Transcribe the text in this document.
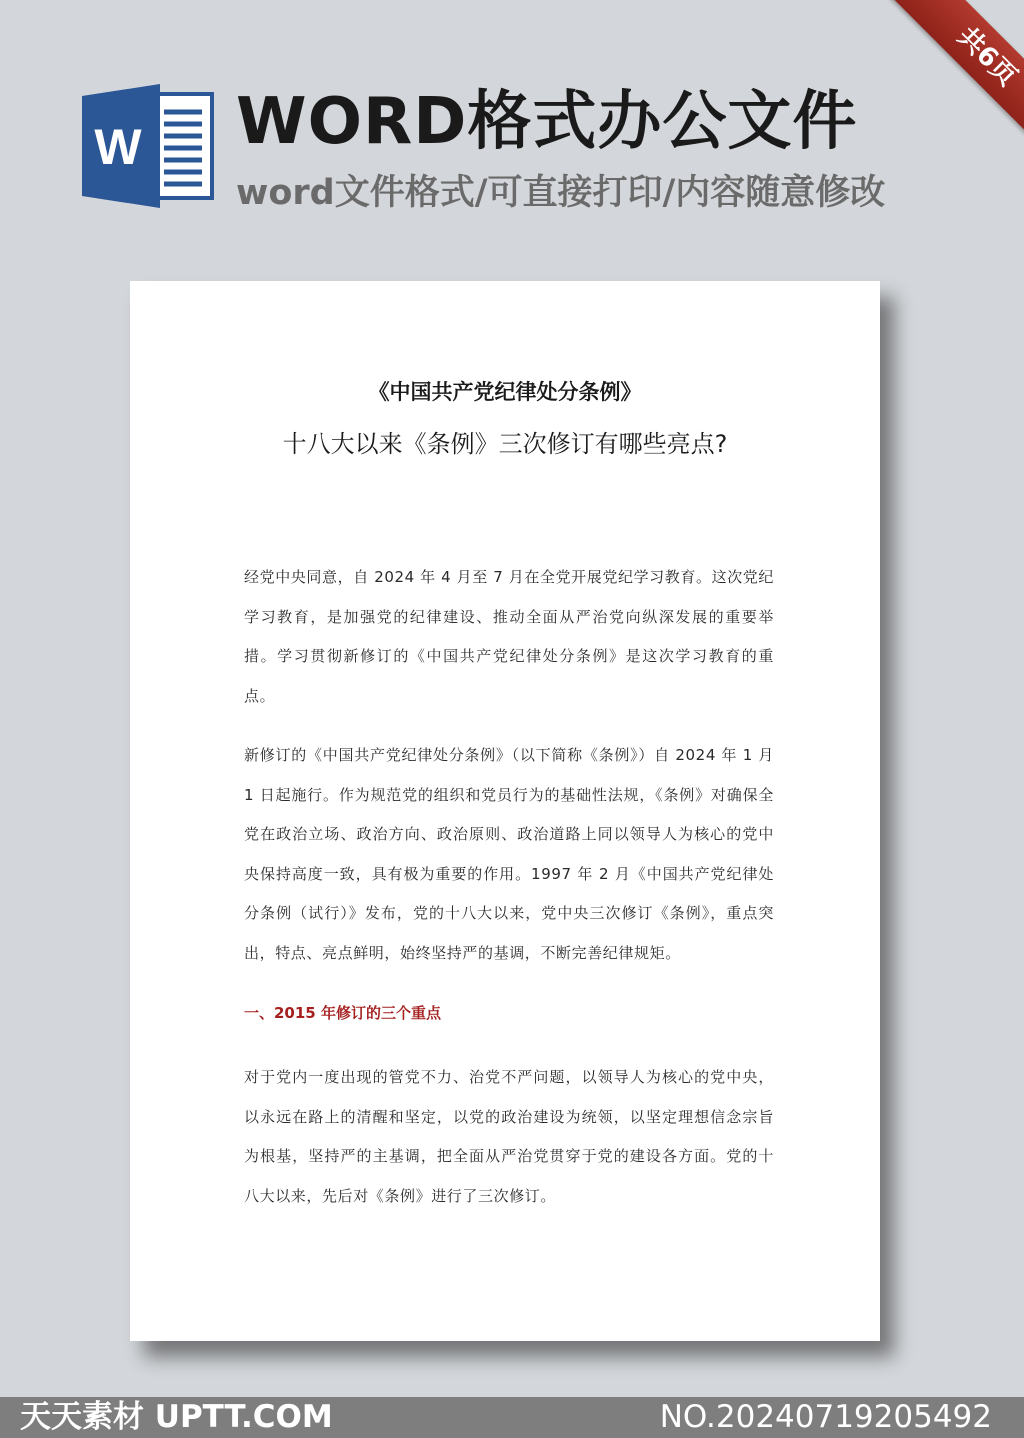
W WORD格式办公文件
word文件格式/可直接打印/内容随意修改
共6页
《中国共产党纪律处分条例》
十八大以来《条例》三次修订有哪些亮点?

经党中央同意，自 2024 年 4 月至 7 月在全党开展党纪学习教育。这次党纪学习教育，是加强党的纪律建设、推动全面从严治党向纵深发展的重要举措。学习贯彻新修订的《中国共产党纪律处分条例》是这次学习教育的重点。

新修订的《中国共产党纪律处分条例》（以下简称《条例》）自 2024 年 1 月 1 日起施行。作为规范党的组织和党员行为的基础性法规，《条例》对确保全党在政治立场、政治方向、政治原则、政治道路上同以领导人为核心的党中央保持高度一致，具有极为重要的作用。1997 年 2 月《中国共产党纪律处分条例（试行）》发布，党的十八大以来，党中央三次修订《条例》，重点突出，特点、亮点鲜明，始终坚持严的基调，不断完善纪律规矩。

一、2015 年修订的三个重点

对于党内一度出现的管党不力、治党不严问题，以领导人为核心的党中央，以永远在路上的清醒和坚定，以党的政治建设为统领，以坚定理想信念宗旨为根基，坚持严的主基调，把全面从严治党贯穿于党的建设各方面。党的十八大以来，先后对《条例》进行了三次修订。

天天素材 UPTT.COM	NO.20240719205492
